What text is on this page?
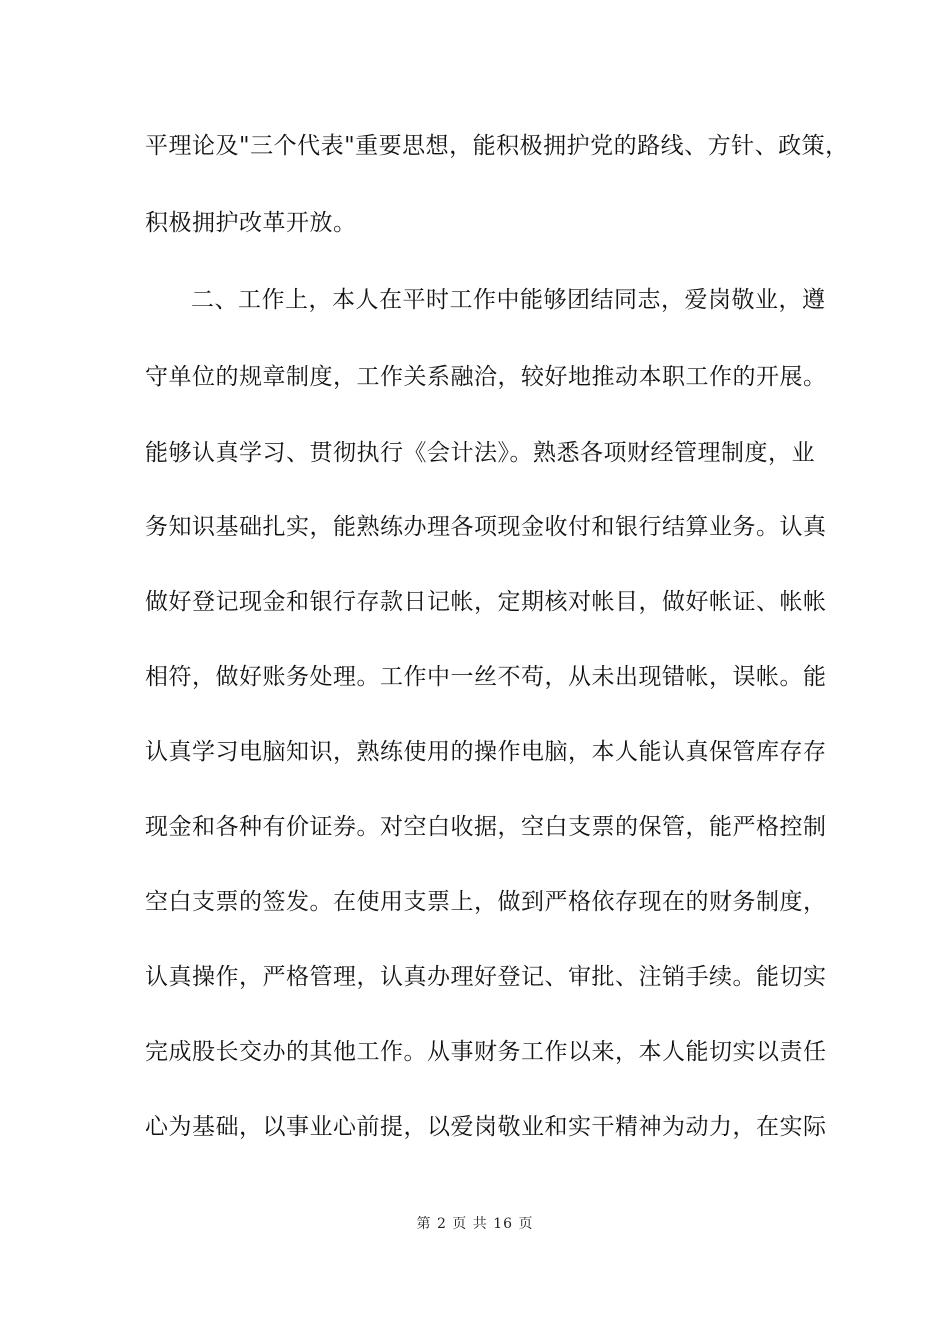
平理论及"三个代表"重要思想，能积极拥护党的路线、方针、政策，
积极拥护改革开放。
二、工作上，本人在平时工作中能够团结同志，爱岗敬业，遵
守单位的规章制度，工作关系融洽，较好地推动本职工作的开展。
能够认真学习、贯彻执行《会计法》。熟悉各项财经管理制度，业
务知识基础扎实，能熟练办理各项现金收付和银行结算业务。认真
做好登记现金和银行存款日记帐，定期核对帐目，做好帐证、帐帐
相符，做好账务处理。工作中一丝不苟，从未出现错帐，误帐。能
认真学习电脑知识，熟练使用的操作电脑，本人能认真保管库存存
现金和各种有价证券。对空白收据，空白支票的保管，能严格控制
空白支票的签发。在使用支票上，做到严格依存现在的财务制度，
认真操作，严格管理，认真办理好登记、审批、注销手续。能切实
完成股长交办的其他工作。从事财务工作以来，本人能切实以责任
心为基础，以事业心前提，以爱岗敬业和实干精神为动力，在实际
第 2 页 共 16 页
